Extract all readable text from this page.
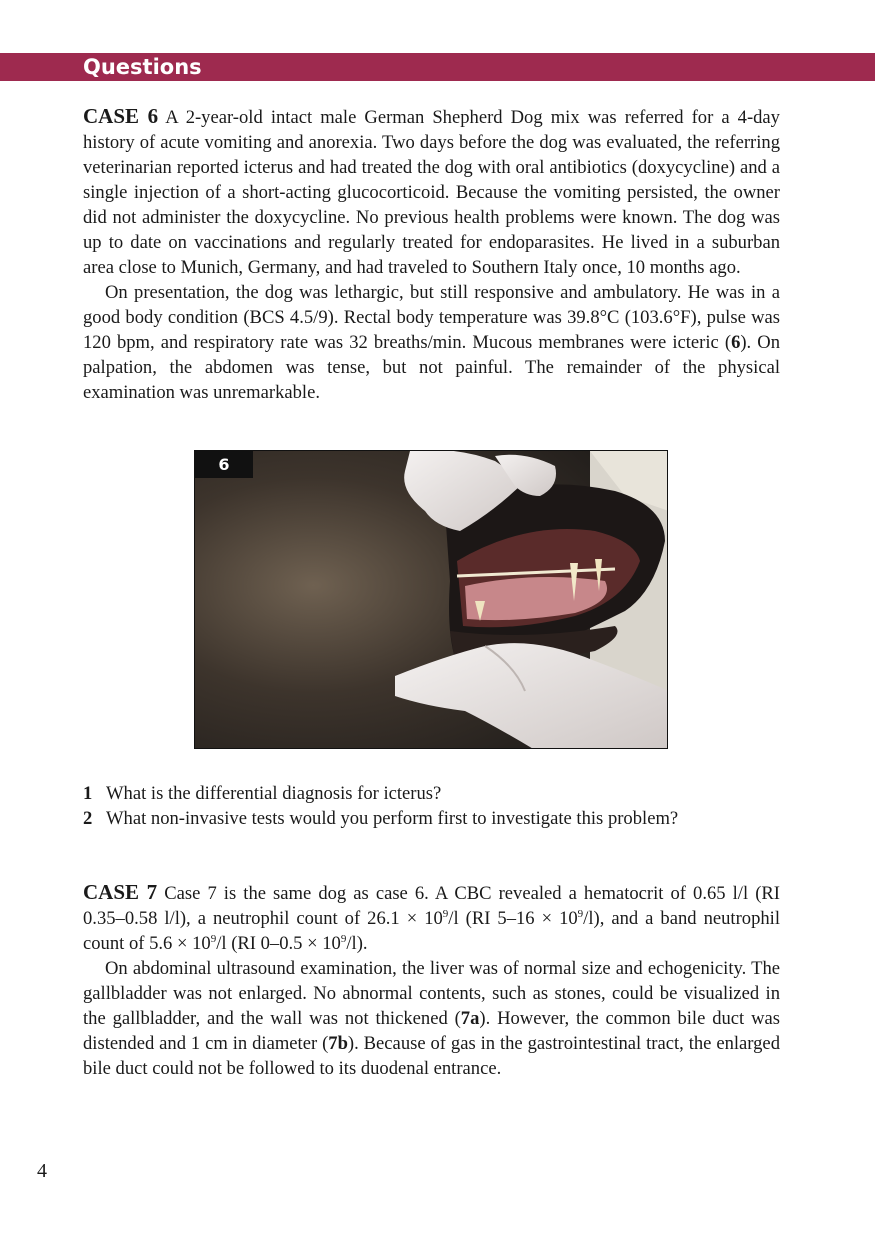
Questions

CASE 6 A 2-year-old intact male German Shepherd Dog mix was referred for a 4-day history of acute vomiting and anorexia. Two days before the dog was evaluated, the referring veterinarian reported icterus and had treated the dog with oral antibiotics (doxycycline) and a single injection of a short-acting glucocorticoid. Because the vomiting persisted, the owner did not administer the doxycycline. No previous health problems were known. The dog was up to date on vaccinations and regularly treated for endoparasites. He lived in a suburban area close to Munich, Germany, and had traveled to Southern Italy once, 10 months ago.

On presentation, the dog was lethargic, but still responsive and ambulatory. He was in a good body condition (BCS 4.5/9). Rectal body temperature was 39.8°C (103.6°F), pulse was 120 bpm, and respiratory rate was 32 breaths/min. Mucous membranes were icteric (6). On palpation, the abdomen was tense, but not painful. The remainder of the physical examination was unremarkable.

6
1 What is the differential diagnosis for icterus?
2 What non-invasive tests would you perform first to investigate this problem?

CASE 7 Case 7 is the same dog as case 6. A CBC revealed a hematocrit of 0.65 l/l (RI 0.35–0.58 l/l), a neutrophil count of $26.1 \times 10^9/l$ (RI $5-16 \times 10^9/l$), and a band neutrophil count of $5.6 \times 10^9/l$ (RI $0-0.5 \times 10^9/l$).

On abdominal ultrasound examination, the liver was of normal size and echogenicity. The gallbladder was not enlarged. No abnormal contents, such as stones, could be visualized in the gallbladder, and the wall was not thickened (7a). However, the common bile duct was distended and 1 cm in diameter (7b). Because of gas in the gastrointestinal tract, the enlarged bile duct could not be followed to its duodenal entrance.

4
